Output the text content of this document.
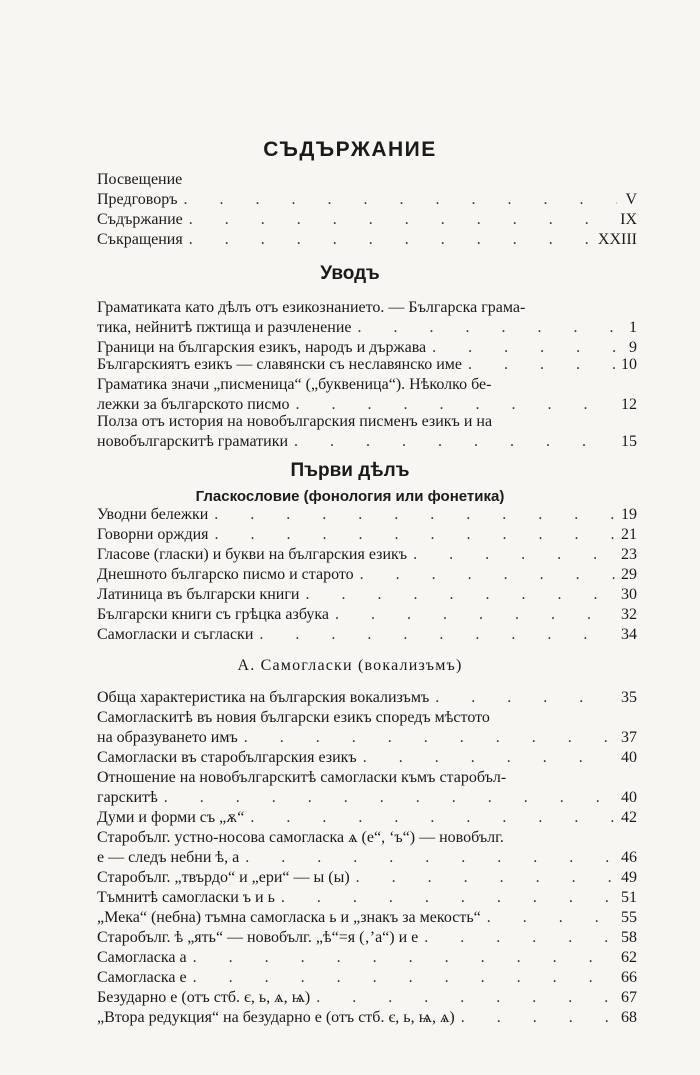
СЪДЪРЖАНИЕ
Посвещение
Предговоръ . . .	V
Съдържание . . .	IX
Съкращения . . .	XXIII
Уводъ
Граматиката като дѣлъ отъ езикознанието. — Българска грама-
тика, нейнитѣ пжтища и разчленение . . .	1
Граници на българския езикъ, народъ и държава . . .	9
Българскиятъ езикъ — славянски съ неславянско име . . .	10
Граматика значи „писменица“ („буквеница“). Нѣколко бе-
лежки за българското писмо . . .	12
Полза отъ история на новобългарския писменъ езикъ и на
новобългарскитѣ граматики . . .	15
Първи дѣлъ
Гласкословие (фонология или фонетика)
Уводни бележки . . .	19
Говорни орждия . . .	21
Гласове (гласки) и букви на българския езикъ . . .	23
Днешното българско писмо и старото . . .	29
Латиница въ български книги . . .	30
Български книги съ грѣцка азбука . . .	32
Самогласки и съгласки . . .	34
А. Самогласки (вокализъмъ)
Обща характеристика на българския вокализъмъ . . .	35
Самогласкитѣ въ новия български езикъ споредъ мѣстото
на образуването имъ . . .	37
Самогласки въ старобългарския езикъ . . .	40
Отношение на новобългарскитѣ самогласки къмъ старобъл-
гарскитѣ . . .	40
Думи и форми съ „ѫ“ . . .	42
Старобълг. устно-носова самогласка ѧ (е“, ‘ъ“) — новобълг.
е — следъ небни ѣ, а . . .	46
Старобълг. „твърдо“ и „ери“ — ы (ы) . . .	49
Тъмнитѣ самогласки ъ и ь . . .	51
„Мека“ (небна) тъмна самогласка ь и „знакъ за мекость“ . . .	55
Старобълг. ѣ „ять“ — новобълг. „ѣ“=я (‚’а“) и е . . .	58
Самогласка а . . .	62
Самогласка е . . .	66
Безударно е (отъ стб. є, ь, ѧ, ѩ) . . .	67
„Втора редукция“ на безударно е (отъ стб. є, ь, ѩ, ѧ) . . .	68
